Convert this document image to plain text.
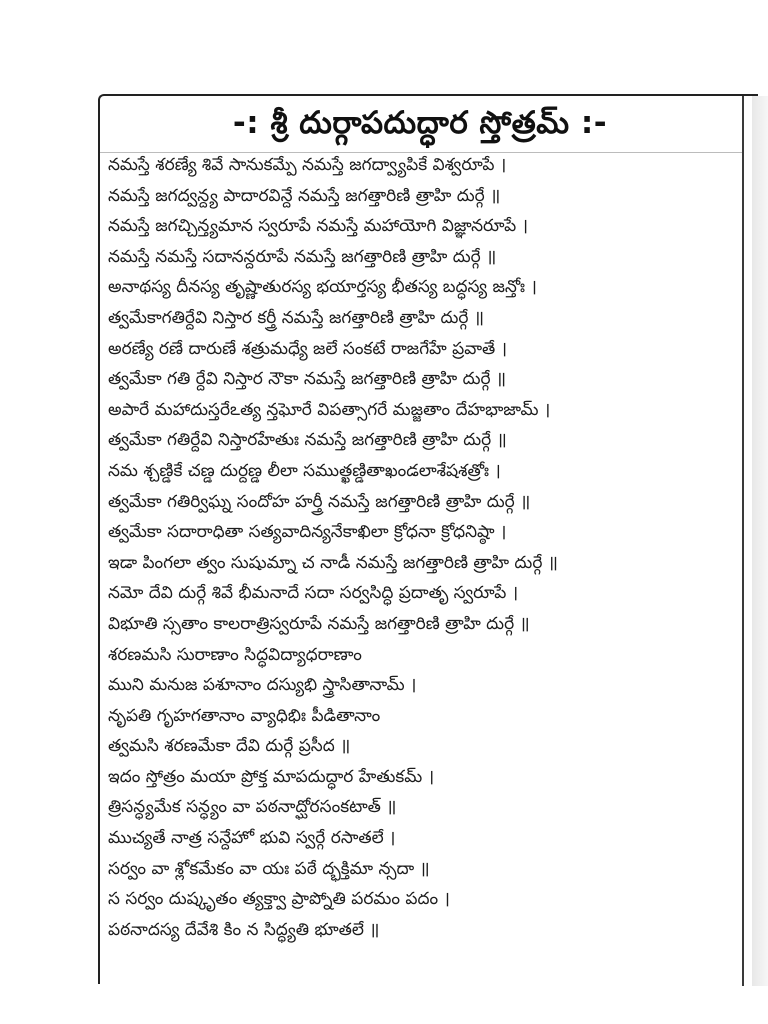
-: శ్రీ దుర్గాపదుద్ధార స్తోత్రమ్ :-
నమస్తే శరణ్యే శివే సానుకమ్పే నమస్తే జగద్వ్యాపికే విశ్వరూపే ।
నమస్తే జగద్వన్ద్య పాదారవిన్దే నమస్తే జగత్తారిణి త్రాహి దుర్గే ॥
నమస్తే జగచ్చిన్త్యమాన స్వరూపే నమస్తే మహాయోగి విజ్ఞానరూపే ।
నమస్తే నమస్తే సదానన్దరూపే నమస్తే జగత్తారిణి త్రాహి దుర్గే ॥
అనాథస్య దీనస్య తృష్ణాతురస్య భయార్తస్య భీతస్య బద్ధస్య జన్తోః ।
త్వమేకాగతిర్దేవి నిస్తార కర్త్రీ నమస్తే జగత్తారిణి త్రాహి దుర్గే ॥
అరణ్యే రణే దారుణే శత్రుమధ్యే జలే సంకటే రాజగేహే ప్రవాతే ।
త్వమేకా గతి ర్దేవి నిస్తార నౌకా నమస్తే జగత్తారిణి త్రాహి దుర్గే ॥
అపారే మహాదుస్తరేఽత్య న్తఘోరే విపత్సాగరే మజ్జతాం దేహభాజామ్ ।
త్వమేకా గతిర్దేవి నిస్తారహేతుః నమస్తే జగత్తారిణి త్రాహి దుర్గే ॥
నమ శ్చణ్డికే చణ్డ దుర్దణ్డ లీలా సముత్ఖణ్డితాఖండలాశేషశత్రోః ।
త్వమేకా గతిర్విఘ్న సందోహ హర్త్రీ నమస్తే జగత్తారిణి త్రాహి దుర్గే ॥
త్వమేకా సదారాధితా సత్యవాదిన్యనేకాఖిలా క్రోధనా క్రోధనిష్ఠా ।
ఇడా పింగలా త్వం సుషుమ్నా చ నాడీ నమస్తే జగత్తారిణి త్రాహి దుర్గే ॥
నమో దేవి దుర్గే శివే భీమనాదే సదా సర్వసిద్ధి ప్రదాతృ స్వరూపే ।
విభూతి స్సతాం కాలరాత్రిస్వరూపే నమస్తే జగత్తారిణి త్రాహి దుర్గే ॥
శరణమసి సురాణాం సిద్ధవిద్యాధరాణాం
ముని మనుజ పశూనాం దస్యుభి స్త్రాసితానామ్ ।
నృపతి గృహగతానాం వ్యాధిభిః పీడితానాం
త్వమసి శరణమేకా దేవి దుర్గే ప్రసీద ॥
ఇదం స్తోత్రం మయా ప్రోక్త మాపదుద్ధార హేతుకమ్ ।
త్రిసన్ధ్యమేక సన్ధ్యం వా పఠనాద్ఘోరసంకటాత్ ॥
ముచ్యతే నాత్ర సన్దేహో భువి స్వర్గే రసాతలే ।
సర్వం వా శ్లోకమేకం వా యః పఠే ద్భక్తిమా న్సదా ॥
స సర్వం దుష్కృతం త్యక్త్వా ప్రాప్నోతి పరమం పదం ।
పఠనాదస్య దేవేశి కిం న సిద్ధ్యతి భూతలే ॥
